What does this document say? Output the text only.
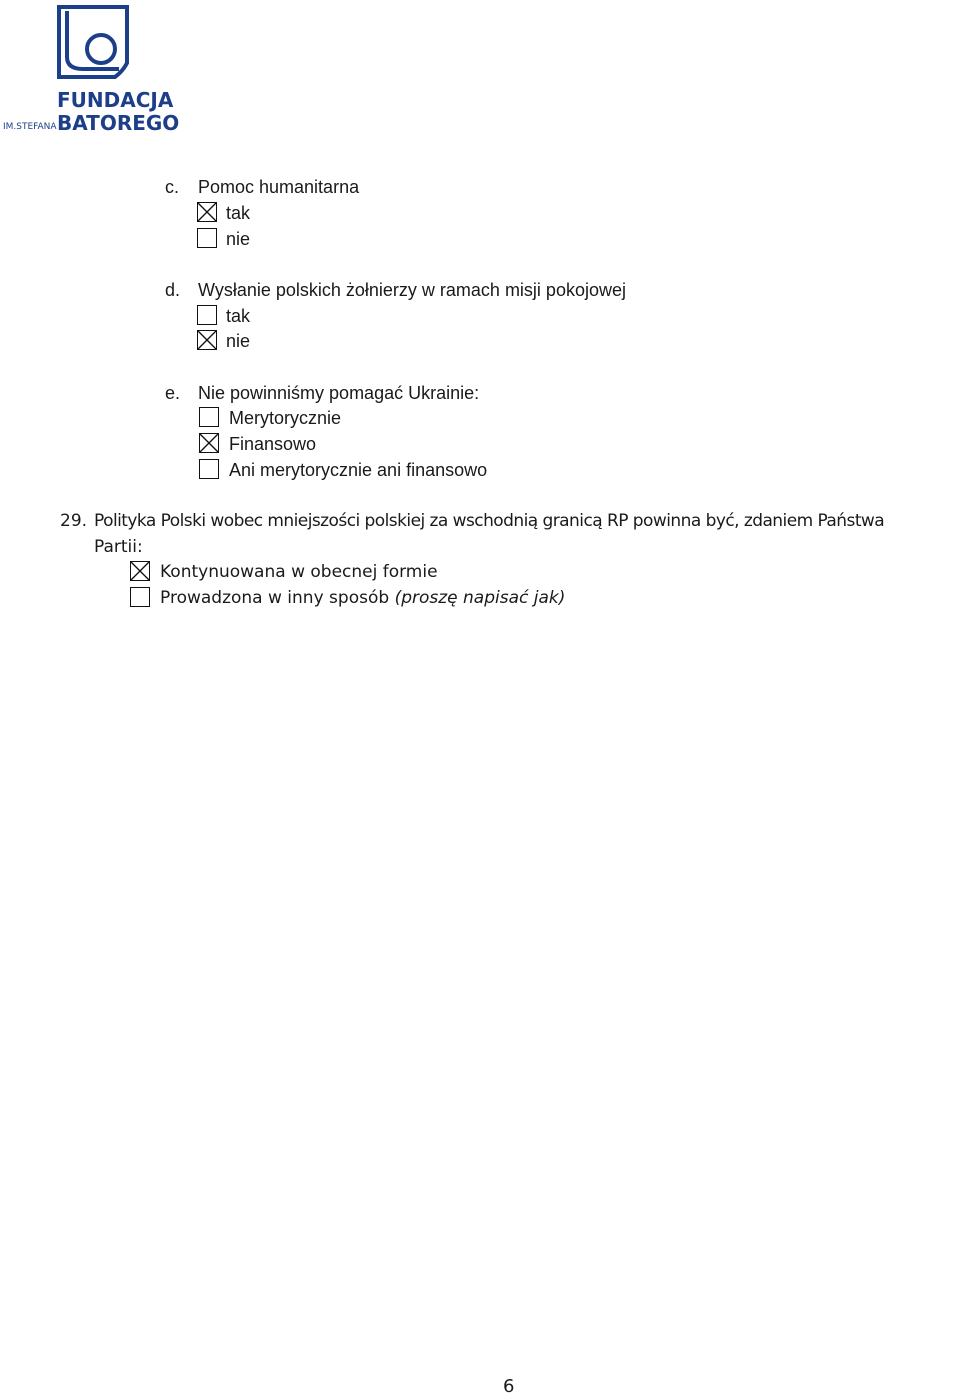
FUNDACJA
IM.STEFANA BATOREGO
c. Pomoc humanitarna
tak
nie
d. Wysłanie polskich żołnierzy w ramach misji pokojowej
tak
nie
e. Nie powinniśmy pomagać Ukrainie:
Merytorycznie
Finansowo
Ani merytorycznie ani finansowo
29. Polityka Polski wobec mniejszości polskiej za wschodnią granicą RP powinna być, zdaniem Państwa
Partii:
Kontynuowana w obecnej formie
Prowadzona w inny sposób (proszę napisać jak)
6
